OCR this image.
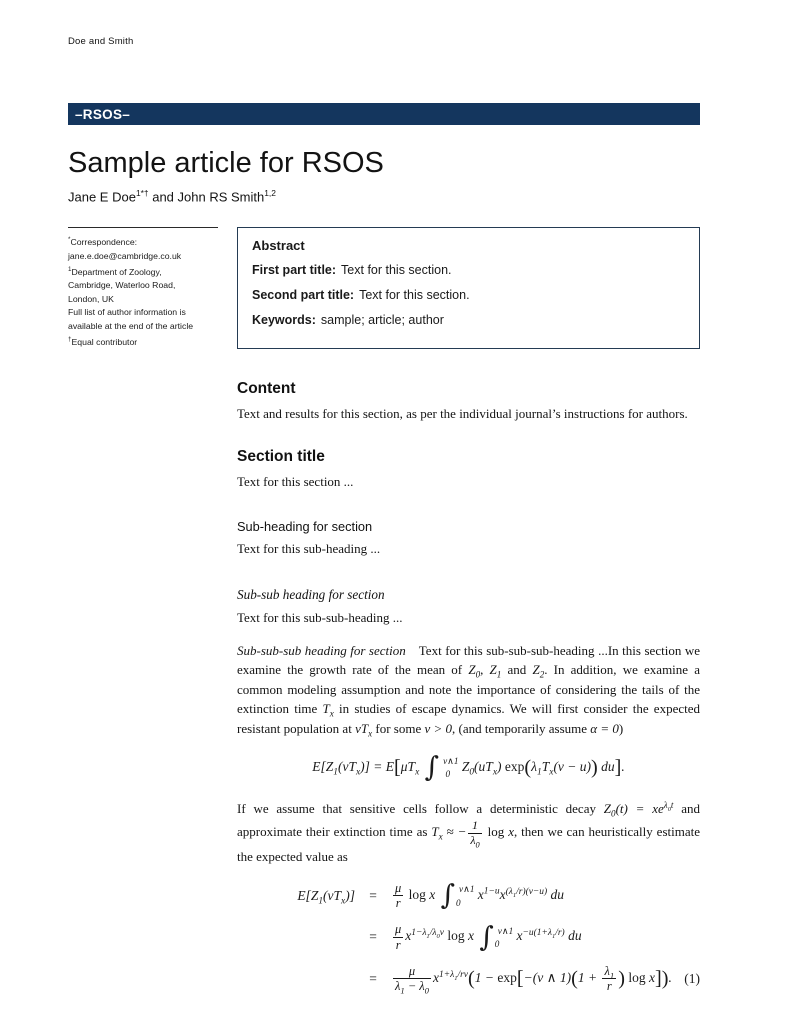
Doe and Smith
–RSOS–
Sample article for RSOS
Jane E Doe$^{1*\dagger}$ and John RS Smith$^{1,2}$
*Correspondence:
jane.e.doe@cambridge.co.uk
$^1$Department of Zoology,
Cambridge, Waterloo Road,
London, UK
Full list of author information is
available at the end of the article
†Equal contributor
Abstract
First part title: Text for this section.
Second part title: Text for this section.
Keywords: sample; article; author
Content

Text and results for this section, as per the individual journal’s instructions for authors.

Section title

Text for this section ...

Sub-heading for section

Text for this sub-heading ...

Sub-sub heading for section

Text for this sub-sub-heading ...

Sub-sub-sub heading for section Text for this sub-sub-sub-heading ...In this section we examine the growth rate of the mean of $Z_0$, $Z_1$ and $Z_2$. In addition, we examine a common modeling assumption and note the importance of considering the tails of the extinction time $T_x$ in studies of escape dynamics. We will first consider the expected resistant population at $vT_x$ for some v > 0, (and temporarily assume α = 0)

$E[Z_1(vT_x)] = E[\mu T_x$ ∫ v∧1
0
$Z_0(uT_x) \exp(\lambda_1T_x(v - u))$ du].

If we assume that sensitive cells follow a deterministic decay $Z_0(t) = xe^{\lambda_0t}$ and approximate their extinction time as $T_x$ ≈ − $\frac{1}{\lambda_0}$ log x, then we can heuristically estimate the expected value as

$E[Z_1(vT_x)]$	=	$\frac{\mu}{r}$ log x ∫ v∧1
0
$x^{1-u}x^{(\lambda_1/r)(v-u)}$ du
=	$\frac{\mu}{r} x^{1-\lambda_1/\lambda_0v}$ log x ∫ v∧1
0
$x^{-u(1+\lambda_1/r)}$ du
=	$\frac{\mu}{\lambda_1 - \lambda_0} x^{1+\lambda_1/rv}(1 - \exp[-(v$ ∧ $1)(1 + \frac{\lambda_1}{r}$ ) log x]). (1)
